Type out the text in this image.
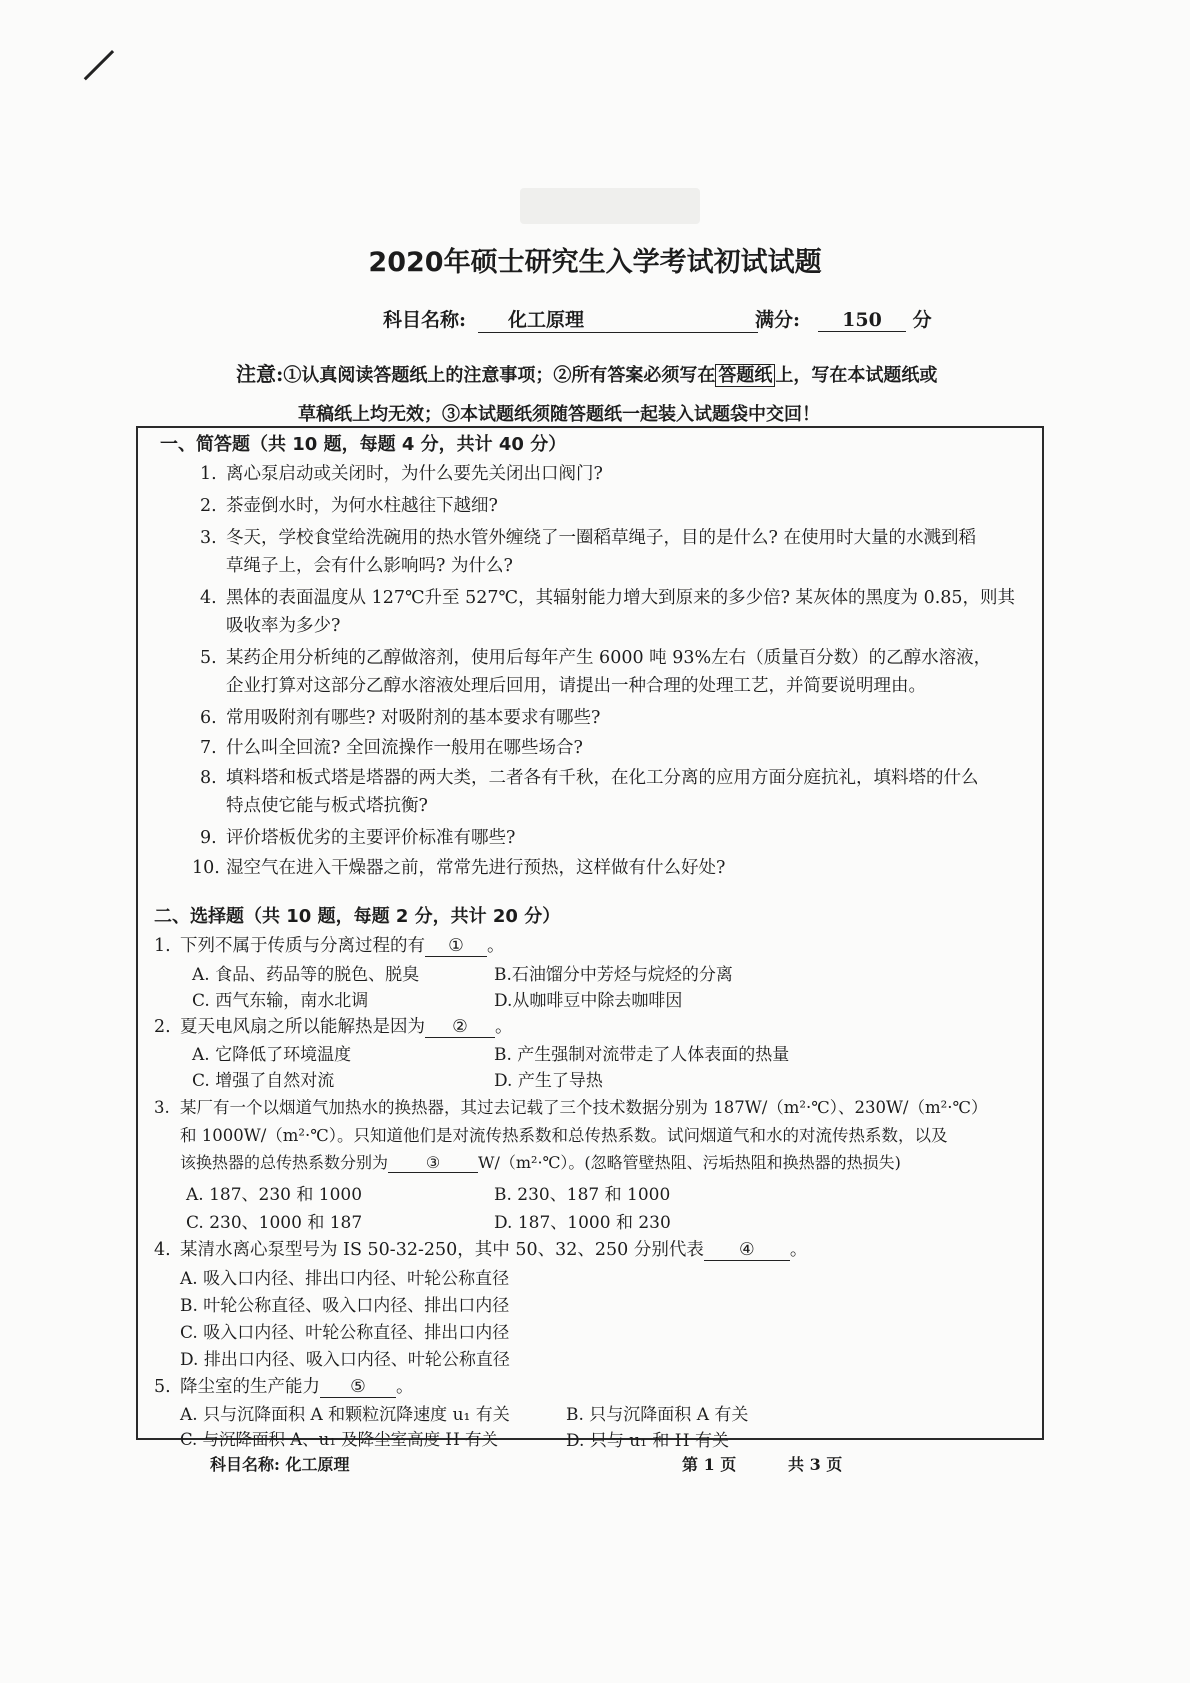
2020年硕士研究生入学考试初试试题
科目名称:	化工原理	满分:	150 分
注意:①认真阅读答题纸上的注意事项；②所有答案必须写在 答题纸 上，写在本试题纸或
草稿纸上均无效；③本试题纸须随答题纸一起装入试题袋中交回！
一、简答题（共 10 题，每题 4 分，共计 40 分）
1. 离心泵启动或关闭时，为什么要先关闭出口阀门?
2. 茶壶倒水时，为何水柱越往下越细?
3. 冬天，学校食堂给洗碗用的热水管外缠绕了一圈稻草绳子，目的是什么? 在使用时大量的水溅到稻
草绳子上，会有什么影响吗? 为什么?
4. 黑体的表面温度从 127℃升至 527℃，其辐射能力增大到原来的多少倍? 某灰体的黑度为 0.85，则其
吸收率为多少?
5. 某药企用分析纯的乙醇做溶剂，使用后每年产生 6000 吨 93%左右（质量百分数）的乙醇水溶液，
企业打算对这部分乙醇水溶液处理后回用，请提出一种合理的处理工艺，并简要说明理由。
6. 常用吸附剂有哪些? 对吸附剂的基本要求有哪些?
7. 什么叫全回流? 全回流操作一般用在哪些场合?
8. 填料塔和板式塔是塔器的两大类，二者各有千秋，在化工分离的应用方面分庭抗礼，填料塔的什么
特点使它能与板式塔抗衡?
9. 评价塔板优劣的主要评价标准有哪些?
10. 湿空气在进入干燥器之前，常常先进行预热，这样做有什么好处?
二、选择题（共 10 题，每题 2 分，共计 20 分）
1. 下列不属于传质与分离过程的有 ① 。
A. 食品、药品等的脱色、脱臭	B.石油馏分中芳烃与烷烃的分离
C. 西气东输，南水北调	D.从咖啡豆中除去咖啡因
2. 夏天电风扇之所以能解热是因为 ② 。
A. 它降低了环境温度	B. 产生强制对流带走了人体表面的热量
C. 增强了自然对流	D. 产生了导热
3. 某厂有一个以烟道气加热水的换热器，其过去记载了三个技术数据分别为 187W/（m²·℃）、230W/（m²·℃）
和 1000W/（m²·℃）。只知道他们是对流传热系数和总传热系数。试问烟道气和水的对流传热系数，以及
该换热器的总传热系数分别为 ③ W/（m²·℃）。(忽略管壁热阻、污垢热阻和换热器的热损失)
A. 187、230 和 1000	B. 230、187 和 1000
C. 230、1000 和 187	D. 187、1000 和 230
4. 某清水离心泵型号为 IS 50-32-250，其中 50、32、250 分别代表 ④ 。
A. 吸入口内径、排出口内径、叶轮公称直径
B. 叶轮公称直径、吸入口内径、排出口内径
C. 吸入口内径、叶轮公称直径、排出口内径
D. 排出口内径、吸入口内径、叶轮公称直径
5. 降尘室的生产能力 ⑤ 。
A. 只与沉降面积 A 和颗粒沉降速度 u₁ 有关	B. 只与沉降面积 A 有关
C. 与沉降面积 A、u₁ 及降尘室高度 H 有关	D. 只与 u₁ 和 H 有关
科目名称: 化工原理	第 1 页	共 3 页
